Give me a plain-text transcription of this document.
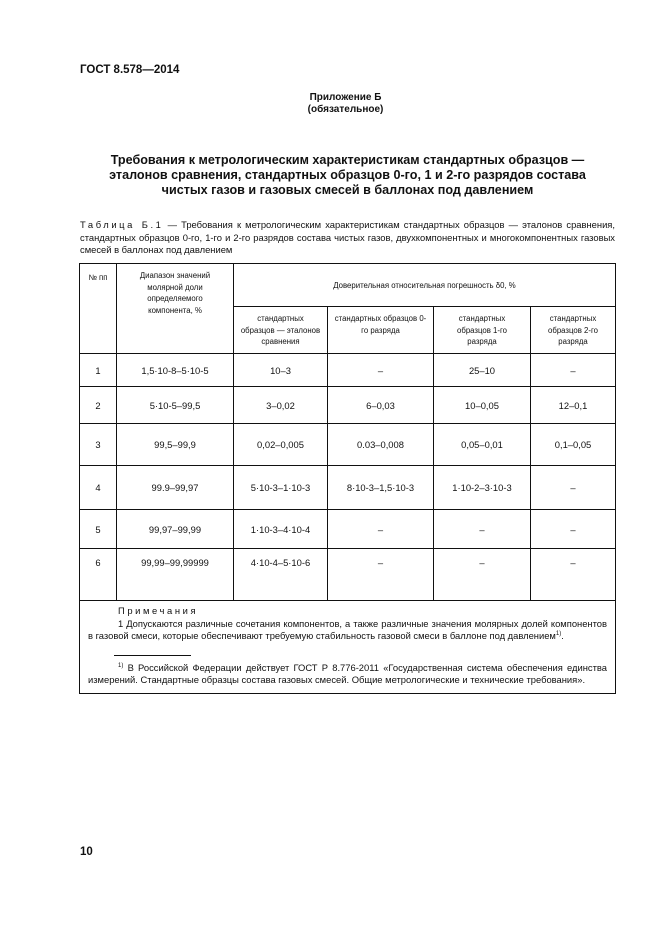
ГОСТ 8.578—2014
Приложение Б
(обязательное)
Требования к метрологическим характеристикам стандартных образцов —
эталонов сравнения, стандартных образцов 0-го, 1 и 2-го разрядов состава
чистых газов и газовых смесей в баллонах под давлением
Таблица Б.1 — Требования к метрологическим характеристикам стандартных образцов — эталонов сравнения, стандартных образцов 0-го, 1-го и 2-го разрядов состава чистых газов, двухкомпонентных и многокомпонентных газовых смесей в баллонах под давлением
№ пп	Диапазон значений молярной доли определяемого компонента, %	Доверительная относительная погрешность δ0, %			
		стандартных образцов — эталонов сравнения	стандартных образцов 0-го разряда	стандартных образцов 1-го разряда	стандартных образцов 2-го разряда
1	1,5·10-8–5·10-5	10–3	–	25–10	–
2	5·10-5–99,5	3–0,02	6–0,03	10–0,05	12–0,1
3	99,5–99,9	0,02–0,005	0.03–0,008	0,05–0,01	0,1–0,05
4	99.9–99,97	5·10-3–1·10-3	8·10-3–1,5·10-3	1·10-2–3·10-3	–
5	99,97–99,99	1·10-3–4·10-4	–	–	–
6	99,99–99,99999	4·10-4–5·10-6	–	–	–

Примечания
1 Допускаются различные сочетания компонентов, а также различные значения молярных долей компонентов в газовой смеси, которые обеспечивают требуемую стабильность газовой смеси в баллоне под давлением$^{1)}$.
$^{1)}$ В Российской Федерации действует ГОСТ Р 8.776-2011 «Государственная система обеспечения единства измерений. Стандартные образцы состава газовых смесей. Общие метрологические и технические требования».					
10
